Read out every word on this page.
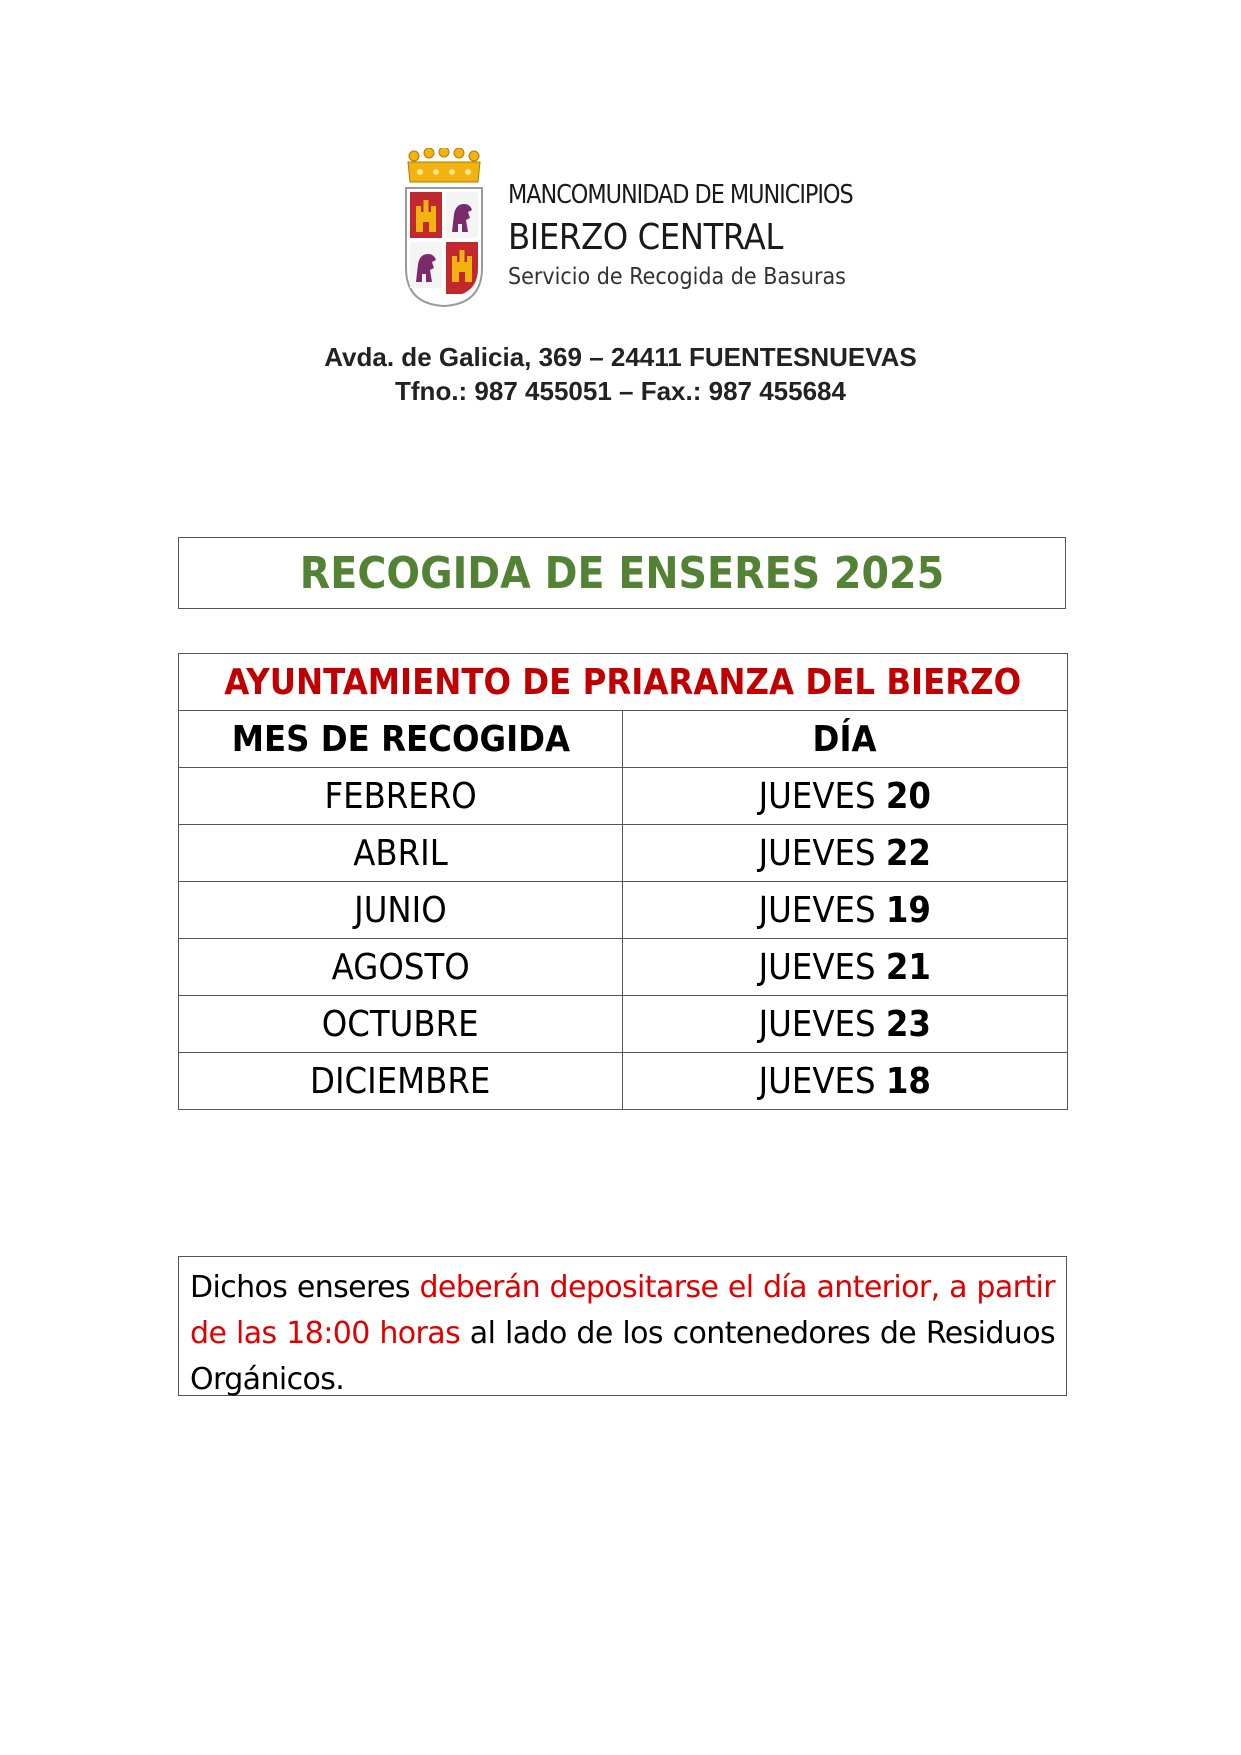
MANCOMUNIDAD DE MUNICIPIOS
BIERZO CENTRAL
Servicio de Recogida de Basuras
Avda. de Galicia, 369 – 24411 FUENTESNUEVAS
Tfno.: 987 455051 – Fax.: 987 455684
RECOGIDA DE ENSERES 2025
AYUNTAMIENTO DE PRIARANZA DEL BIERZO	
MES DE RECOGIDA	DÍA
FEBRERO	JUEVES 20
ABRIL	JUEVES 22
JUNIO	JUEVES 19
AGOSTO	JUEVES 21
OCTUBRE	JUEVES 23
DICIEMBRE	JUEVES 18
Dichos enseres deberán depositarse el día anterior, a partir de las 18:00 horas al lado de los contenedores de Residuos Orgánicos.
